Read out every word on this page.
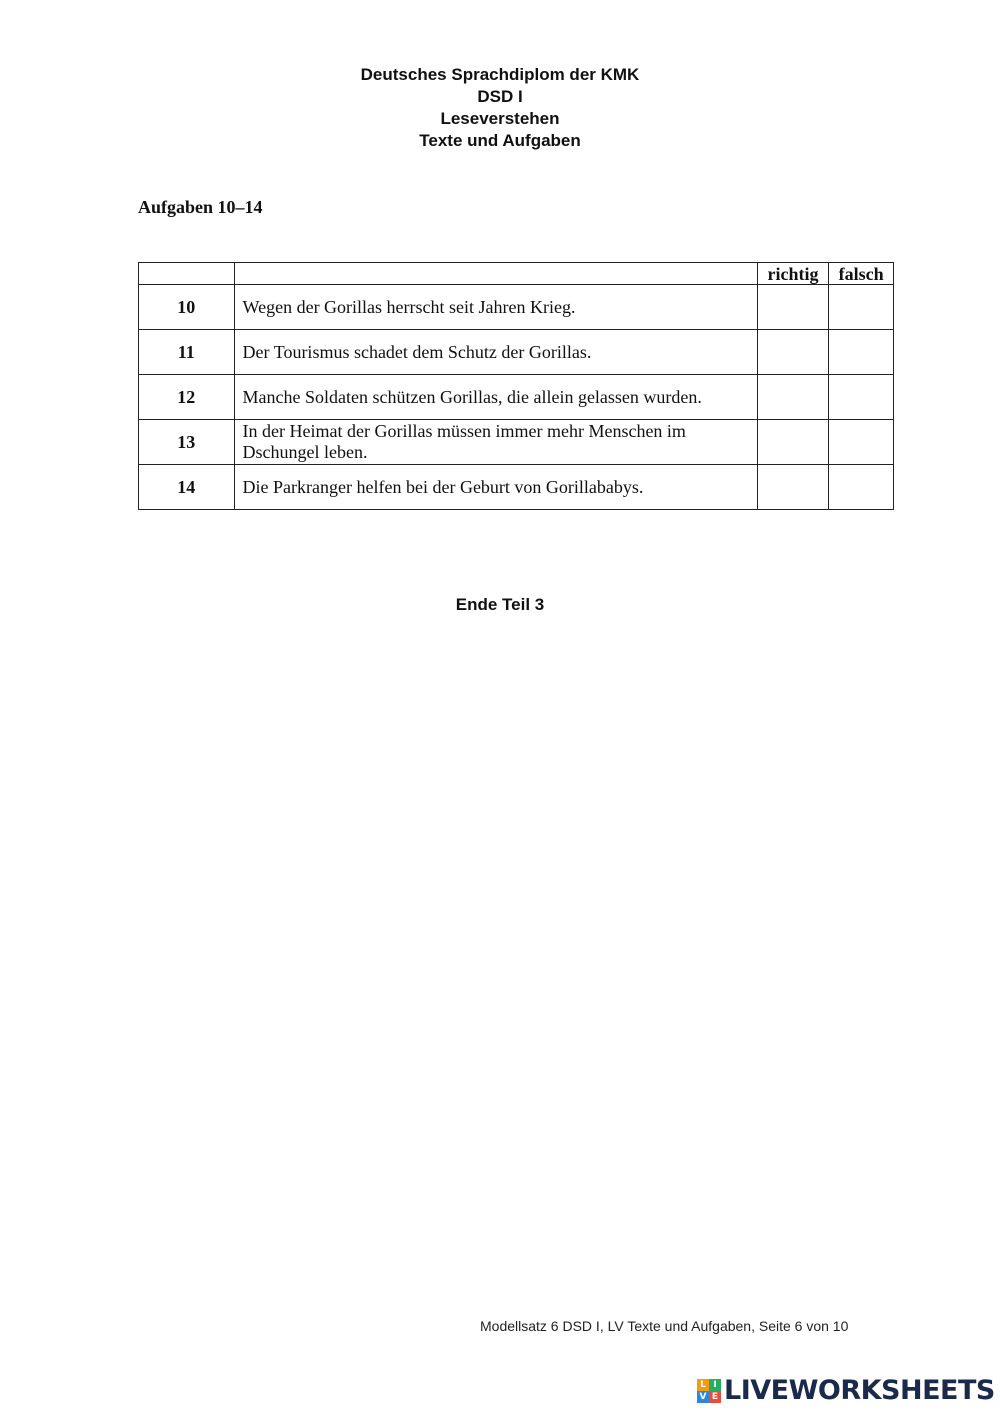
Deutsches Sprachdiplom der KMK
DSD I
Leseverstehen
Texte und Aufgaben
Aufgaben 10–14
		richtig	falsch
10	Wegen der Gorillas herrscht seit Jahren Krieg.		
11	Der Tourismus schadet dem Schutz der Gorillas.		
12	Manche Soldaten schützen Gorillas, die allein gelassen wurden.		
13	In der Heimat der Gorillas müssen immer mehr Menschen im Dschungel leben.		
14	Die Parkranger helfen bei der Geburt von Gorillababys.		
Ende Teil 3
Modellsatz 6 DSD I, LV Texte und Aufgaben, Seite 6 von 10
L I
V E LIVEWORKSHEETS
